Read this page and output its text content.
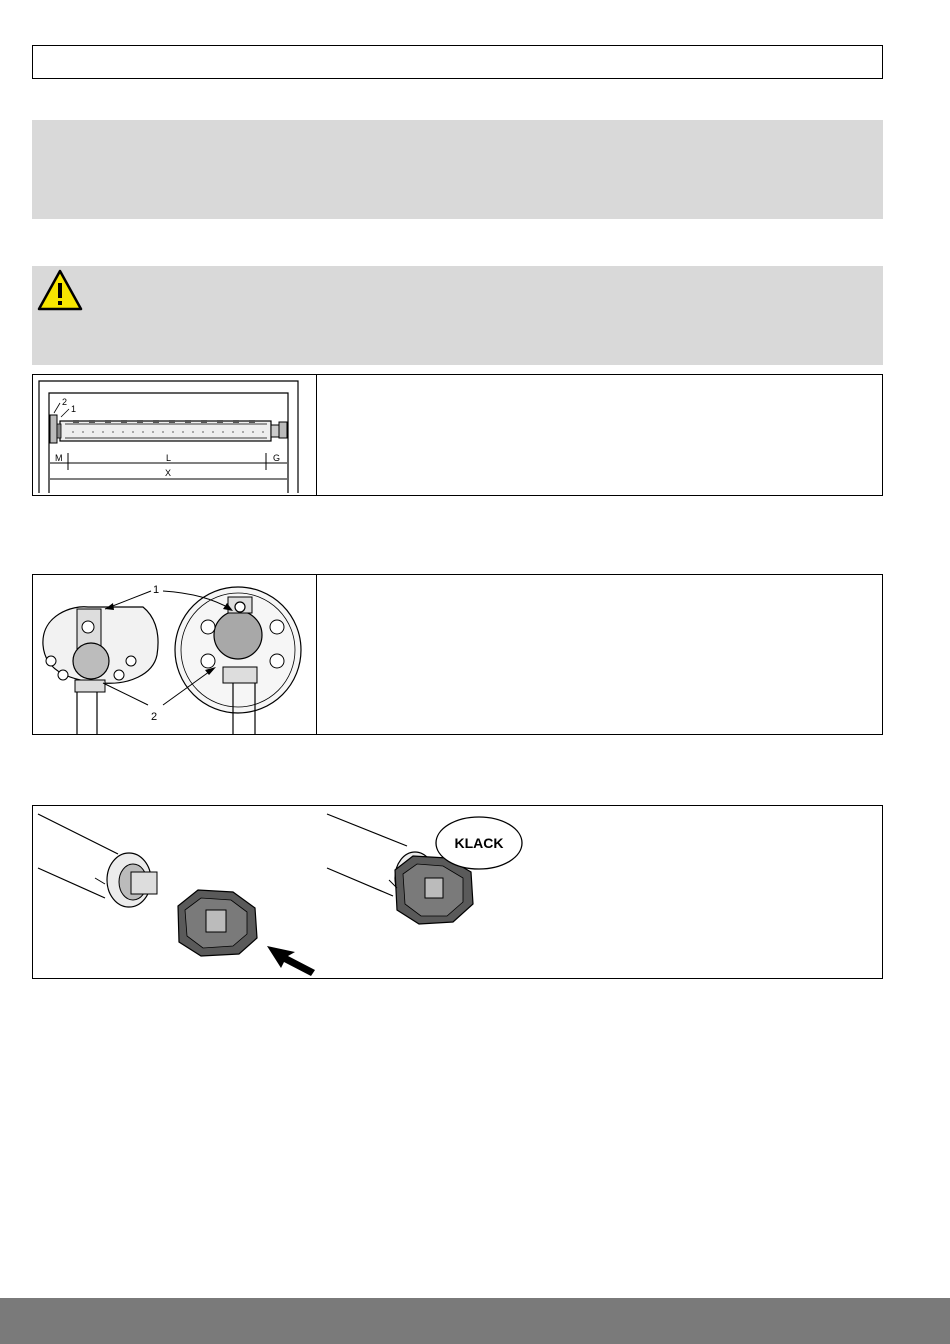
2
1
M	L	G
X
1
2
KLACK
